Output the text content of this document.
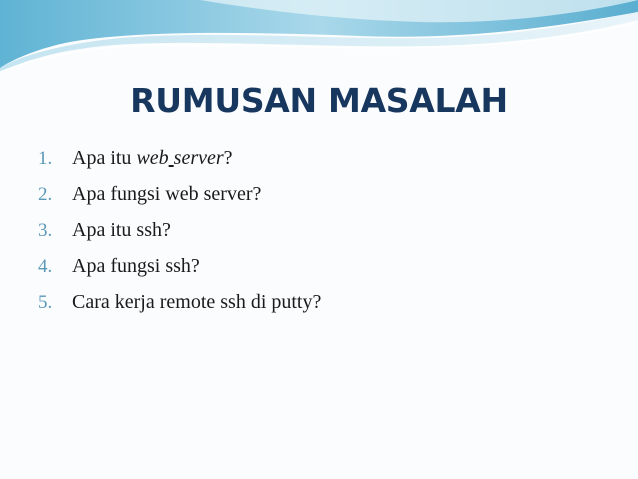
RUMUSAN MASALAH
1. Apa itu web server?
2. Apa fungsi web server?
3. Apa itu ssh?
4. Apa fungsi ssh?
5. Cara kerja remote ssh di putty?
